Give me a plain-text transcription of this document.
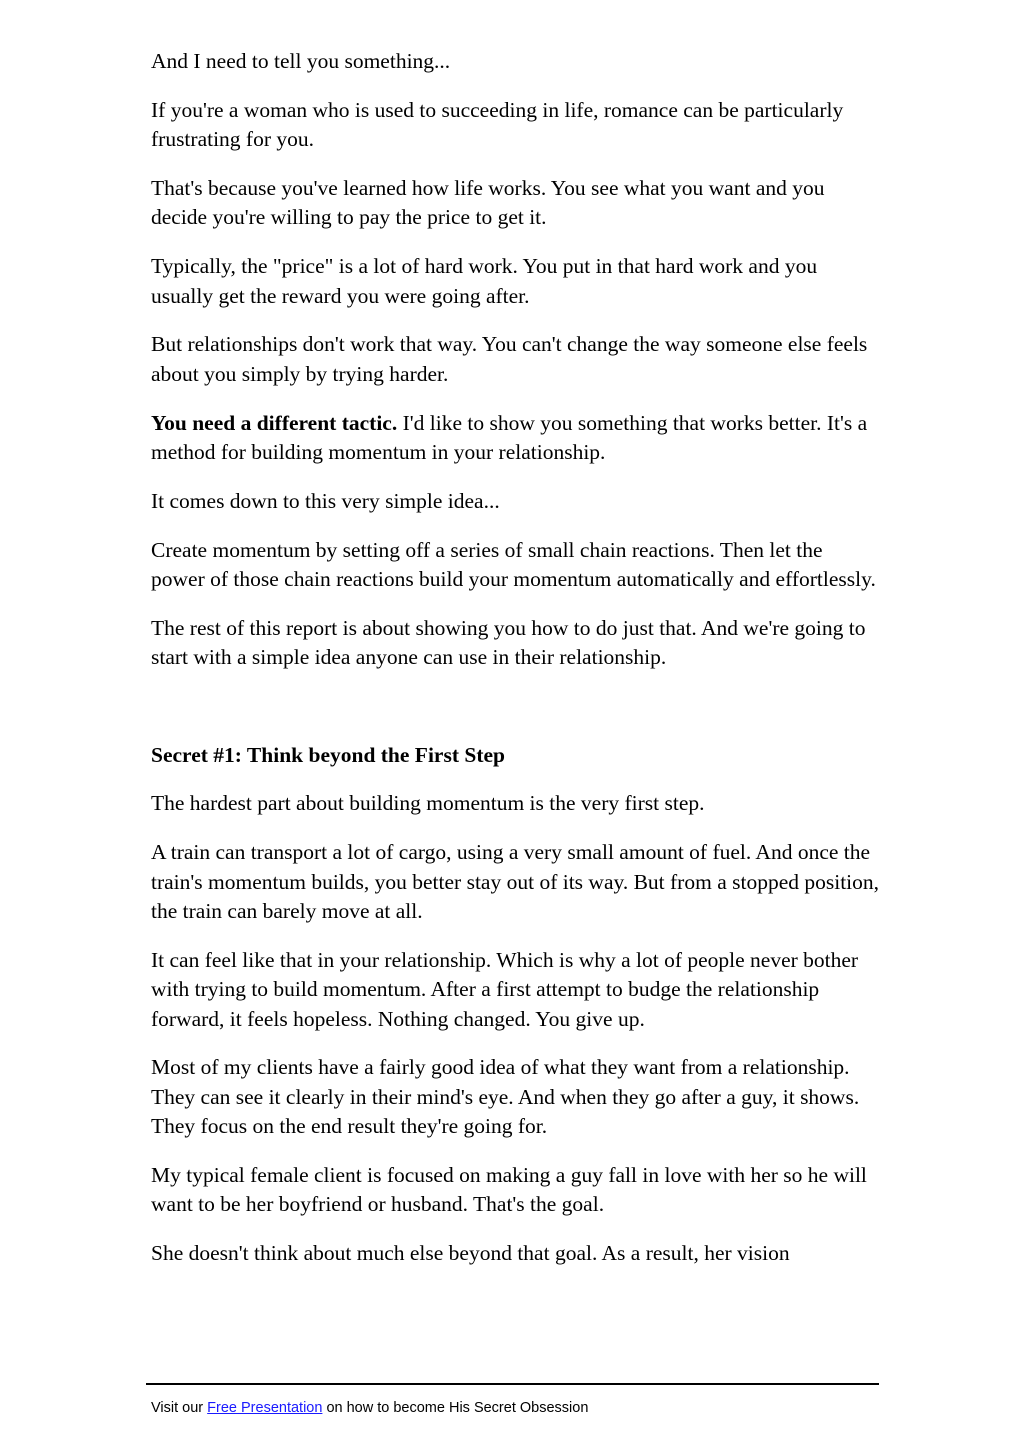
And I need to tell you something...

If you're a woman who is used to succeeding in life, romance can be particularly frustrating for you.

That's because you've learned how life works. You see what you want and you decide you're willing to pay the price to get it.

Typically, the "price" is a lot of hard work. You put in that hard work and you usually get the reward you were going after.

But relationships don't work that way. You can't change the way someone else feels about you simply by trying harder.

You need a different tactic. I'd like to show you something that works better. It's a method for building momentum in your relationship.

It comes down to this very simple idea...

Create momentum by setting off a series of small chain reactions. Then let the power of those chain reactions build your momentum automatically and effortlessly.

The rest of this report is about showing you how to do just that. And we're going to start with a simple idea anyone can use in their relationship.

Secret #1: Think beyond the First Step

The hardest part about building momentum is the very first step.

A train can transport a lot of cargo, using a very small amount of fuel. And once the train's momentum builds, you better stay out of its way. But from a stopped position, the train can barely move at all.

It can feel like that in your relationship. Which is why a lot of people never bother with trying to build momentum. After a first attempt to budge the relationship forward, it feels hopeless. Nothing changed. You give up.

Most of my clients have a fairly good idea of what they want from a relationship. They can see it clearly in their mind's eye. And when they go after a guy, it shows. They focus on the end result they're going for.

My typical female client is focused on making a guy fall in love with her so he will want to be her boyfriend or husband. That's the goal.

She doesn't think about much else beyond that goal. As a result, her vision

Visit our Free Presentation on how to become His Secret Obsession
